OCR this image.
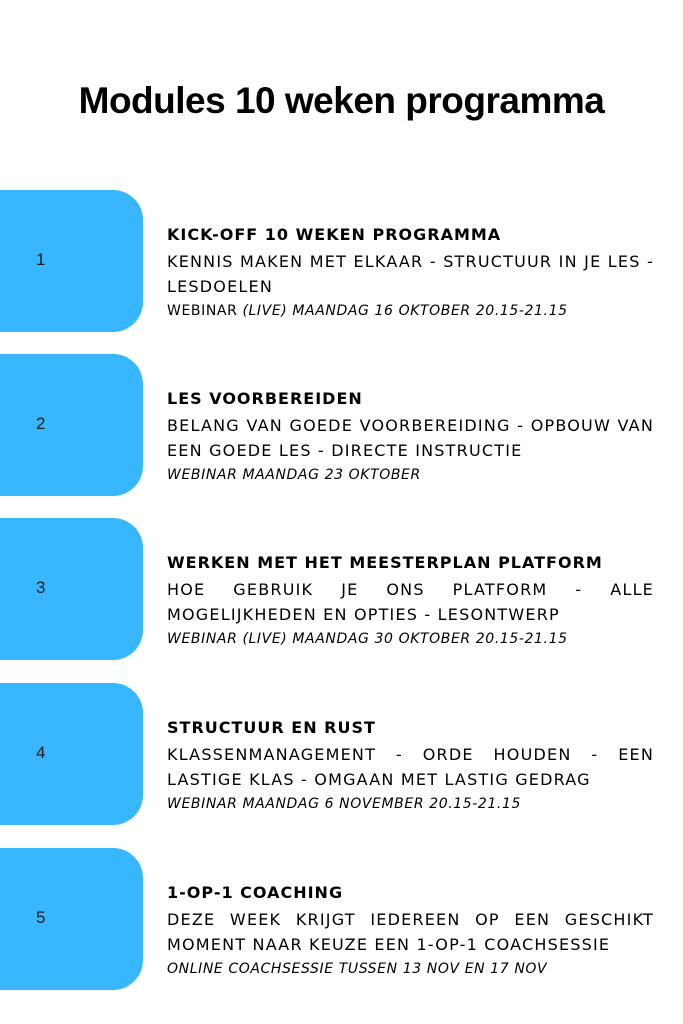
Modules 10 weken programma
1

KICK-OFF 10 WEKEN PROGRAMMA

KENNIS MAKEN MET ELKAAR - STRUCTUUR IN JE LES - LESDOELEN

WEBINAR (LIVE) MAANDAG 16 OKTOBER 20.15-21.15

2

LES VOORBEREIDEN

BELANG VAN GOEDE VOORBEREIDING - OPBOUW VAN EEN GOEDE LES - DIRECTE INSTRUCTIE

WEBINAR MAANDAG 23 OKTOBER

3

WERKEN MET HET MEESTERPLAN PLATFORM

HOE GEBRUIK JE ONS PLATFORM - ALLE MOGELIJKHEDEN EN OPTIES - LESONTWERP

WEBINAR (LIVE) MAANDAG 30 OKTOBER 20.15-21.15

4

STRUCTUUR EN RUST

KLASSENMANAGEMENT - ORDE HOUDEN - EEN LASTIGE KLAS - OMGAAN MET LASTIG GEDRAG

WEBINAR MAANDAG 6 NOVEMBER 20.15-21.15

5

1-OP-1 COACHING

DEZE WEEK KRIJGT IEDEREEN OP EEN GESCHIKT MOMENT NAAR KEUZE EEN 1-OP-1 COACHSESSIE

ONLINE COACHSESSIE TUSSEN 13 NOV EN 17 NOV
